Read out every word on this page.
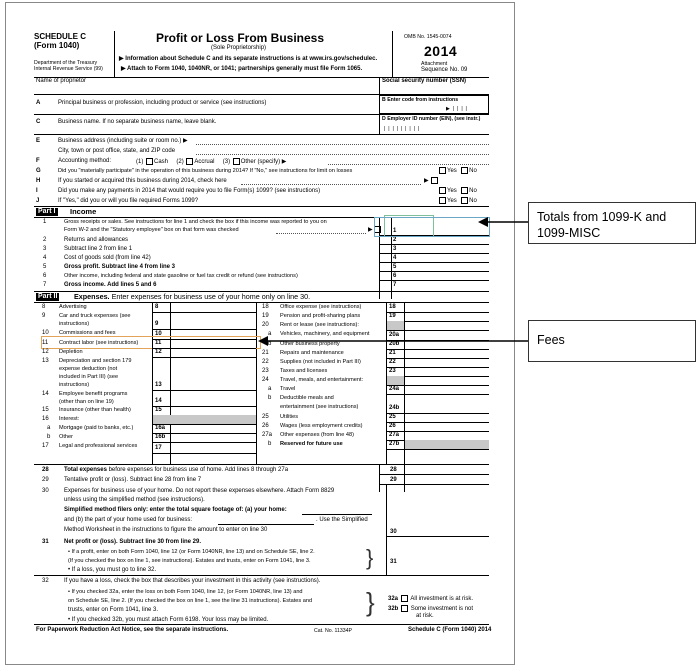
SCHEDULE C
(Form 1040)
Department of the Treasury
Internal Revenue Service (99)
Profit or Loss From Business
(Sole Proprietorship)
▶ Information about Schedule C and its separate instructions is at www.irs.gov/schedulec.
▶ Attach to Form 1040, 1040NR, or 1041; partnerships generally must file Form 1065.
OMB No. 1545-0074
2014
Attachment
Sequence No. 09
Name of proprietor	Social security number (SSN)
A	Principal business or profession, including product or service (see instructions)	B Enter code from instructions
▶  |  |  |  |
C	Business name. If no separate business name, leave blank.	D Employer ID number (EIN), (see instr.)
|  |  |  |  |  |  |  |  |
E	Business address (including suite or room no.) ▶
City, town or post office, state, and ZIP code
F	Accounting method:	(1) Cash (2) Accrual (3) Other (specify) ▶
G	Did you "materially participate" in the operation of this business during 2014? If "No," see instructions for limit on losses	Yes No
H	If you started or acquired this business during 2014, check here	▶
I	Did you make any payments in 2014 that would require you to file Form(s) 1099? (see instructions)	Yes No
J	If "Yes," did you or will you file required Forms 1099?	Yes No
Part I Income
1	Gross receipts or sales. See instructions for line 1 and check the box if this income was reported to you on
Form W-2 and the "Statutory employee" box on that form was checked	▶	1
2	Returns and allowances	2
3	Subtract line 2 from line 1	3
4	Cost of goods sold (from line 42)	4
5	Gross profit. Subtract line 4 from line 3	5
6	Other income, including federal and state gasoline or fuel tax credit or refund (see instructions)	6
7	Gross income. Add lines 5 and 6	7
Part II Expenses. Enter expenses for business use of your home only on line 30.
28	Total expenses before expenses for business use of home. Add lines 8 through 27a	28
29	Tentative profit or (loss). Subtract line 28 from line 7	29
30	Expenses for business use of your home. Do not report these expenses elsewhere. Attach Form 8829
unless using the simplified method (see instructions).
Simplified method filers only: enter the total square footage of: (a) your home:
and (b) the part of your home used for business:	. Use the Simplified
Method Worksheet in the instructions to figure the amount to enter on line 30	30
31	Net profit or (loss). Subtract line 30 from line 29.
• If a profit, enter on both Form 1040, line 12 (or Form 1040NR, line 13) and on Schedule SE, line 2.
(If you checked the box on line 1, see instructions). Estates and trusts, enter on Form 1041, line 3.
• If a loss, you must go to line 32.	}	31
32	If you have a loss, check the box that describes your investment in this activity (see instructions).
• If you checked 32a, enter the loss on both Form 1040, line 12, (or Form 1040NR, line 13) and
on Schedule SE, line 2. (If you checked the box on line 1, see the line 31 instructions). Estates and
trusts, enter on Form 1041, line 3.
• If you checked 32b, you must attach Form 6198. Your loss may be limited.
} 32a All investment is at risk.
32b Some investment is not
at risk.
For Paperwork Reduction Act Notice, see the separate instructions.	Cat. No. 11334P	Schedule C (Form 1040) 2014
8 Advertising	8
9 Car and truck expenses (see
instructions)	9
10 Commissions and fees	10
11 Contract labor (see instructions)	11
12 Depletion	12
13 Depreciation and section 179
expense deduction (not
included in Part III) (see
instructions)	13
14 Employee benefit programs
(other than on line 19)	14
15 Insurance (other than health)	15
16 Interest:
a Mortgage (paid to banks, etc.)	16a
b Other	16b
17 Legal and professional services	17
18 Office expense (see instructions)	18
19 Pension and profit-sharing plans	19
20 Rent or lease (see instructions):
a Vehicles, machinery, and equipment	20a
b Other business property	20b
21 Repairs and maintenance	21
22 Supplies (not included in Part III)	22
23 Taxes and licenses	23
24 Travel, meals, and entertainment:
a Travel	24a
b Deductible meals and
entertainment (see instructions)	24b
25 Utilities	25
26 Wages (less employment credits)	26
27a Other expenses (from line 48)	27a
b Reserved for future use	27b
Totals from 1099-K and
1099-MISC
Fees
